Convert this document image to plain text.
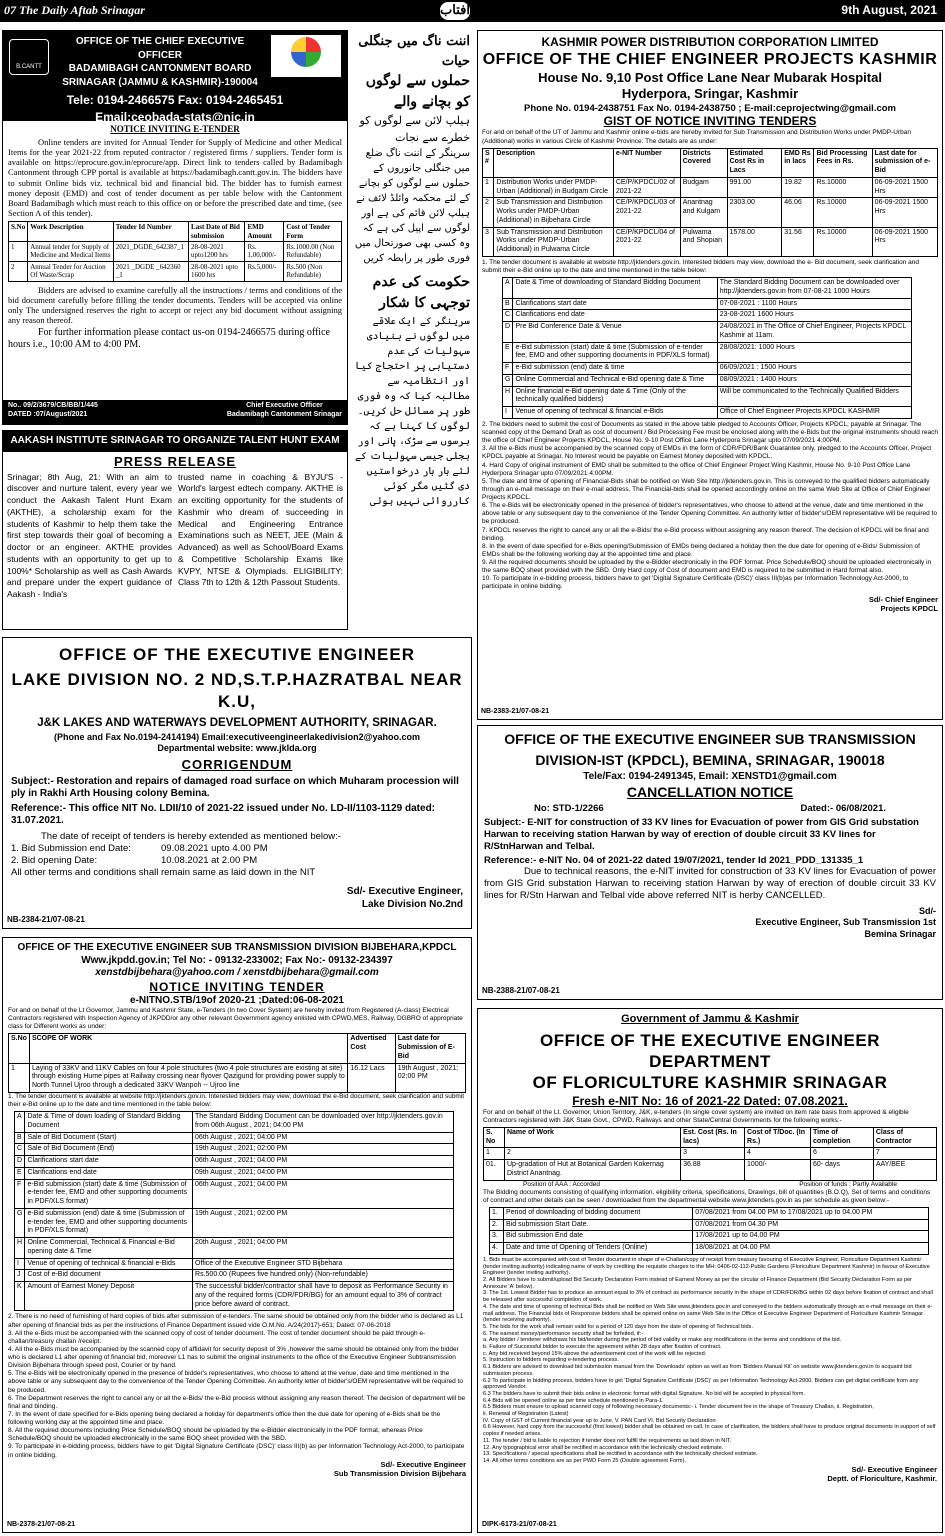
07 The Daily Aftab Srinagar	آفتاب	9th August, 2021
B.CANTT
OFFICE OF THE CHIEF EXECUTIVE OFFICER
BADAMIBAGH CANTONMENT BOARD
SRINAGAR (JAMMU & KASHMIR)-190004
Tele: 0194-2466575 Fax: 0194-2465451
Email:ceobada-stats@nic.in
NOTICE INVITING E-TENDER
Online tenders are invited for Annual Tender for Supply of Medicine and other Medical Items for the year 2021-22 from reputed contractor / registered firms / suppliers. Tender form is available on https://eprocure.gov.in/eprocure/app. Direct link to tenders called by Badamibagh Cantonment through CPP portal is available at https://badamibagh.cantt.gov.in. The bidders have to submit Online bids viz. technical bid and financial bid. The bidder has to furnish earnest money deposit (EMD) and cost of tender document as per table below with the Cantonment Board Badamibagh which must reach to this office on or before the prescribed date and time, (see Section A of this tender).
S.No	Work Description	Tender Id Number	Last Date of Bid submission	EMD Amount	Cost of Tender Form
1	Annual tender for Supply of Medicine and Medical Items	2021_DGDE_642387_1	28-08-2021 upto1200 hrs	Rs. 1,00,000/-	Rs.1000.00 (Non Refundable)
2	Annual Tender for Auction Of Waste/Scrap	2021 _DGDE _642360 _1	28-08-2021 upto 1600 hrs	Rs.5,000/-	Rs.500 (Non Refundable)
Bidders are advised to examine carefully all the instructions / terms and conditions of the bid document carefully before filling the tender documents. Tenders will be accepted via online only The undersigned reserves the right to accept or reject any bid document without assigning any reason thereof.
For further information please contact us-on 0194-2466575 during office hours i.e., 10:00 AM to 4:00 PM.
No.. 09/2/3679/CB/BB/1/445
DATED :07/August/2021
Chief Executive Officer
Badamibagh Cantonment Srinagar
AAKASH INSTITUTE SRINAGAR TO ORGANIZE TALENT HUNT EXAM
PRESS RELEASE
Srinagar; 8th Aug, 21: With an aim to discover and nurture talent, every year we conduct the Aakash Talent Hunt Exam (AKTHE), a scholarship exam for the students of Kashmir to help them take the first step towards their goal of becoming a doctor or an engineer. AKTHE provides students with an opportunity to get up to 100%* Scholarship as well as Cash Awards and prepare under the expert guidance of Aakash - India's
trusted name in coaching & BYJU'S - World's largest edtech company. AKTHE is an exciting opportunity for the students of Kashmir who dream of succeeding in Medical and Engineering Entrance Examinations such as NEET, JEE (Main & Advanced) as well as School/Board Exams & Competitive Scholarship Exams like KVPY, NTSE & Olympiads. ELIGIBILITY: Class 7th to 12th & 12th Passout Students.
اننت ناگ میں جنگلی حیات
حملوں سے لوگوں کو بچانے والے
ہیلپ لائن سے لوگوں کو خطرے سے نجات
سرینگر کے اننت ناگ ضلع میں جنگلی جانوروں کے حملوں سے لوگوں کو بچانے کے لئے محکمہ وائلڈ لائف نے ہیلپ لائن قائم کی ہے اور لوگوں سے اپیل کی ہے کہ وہ کسی بھی صورتحال میں فوری طور پر رابطہ کریں
حکومت کی عدم توجہی کا شکار
سرینگر کے ایک علاقے میں لوگوں نے بنیادی سہولیات کی عدم دستیابی پر احتجاج کیا اور انتظامیہ سے مطالبہ کیا کہ وہ فوری طور پر مسائل حل کریں۔ لوگوں کا کہنا ہے کہ برسوں سے سڑک، پانی اور بجلی جیسی سہولیات کے لئے بار بار درخواستیں دی گئیں مگر کوئی کارروائی نہیں ہوئی
KASHMIR POWER DISTRIBUTION CORPORATION LIMITED
OFFICE OF THE CHIEF ENGINEER PROJECTS KASHMIR
House No. 9,10 Post Office Lane Near Mubarak Hospital
Hyderpora, Sringar, Kashmir
Phone No. 0194-2438751 Fax No. 0194-2438750 ; E-mail:ceprojectwing@gmail.com
GIST OF NOTICE INVITING TENDERS
For and on behalf of the UT of Jammu and Kashmir online e-bids are hereby invited for Sub Transmission and Distribution Works under PMDP-Urban (Additional) works in various Circle of Kashmir Province. The details are as under:
S #	Description	e-NIT Number	Districts Covered	Estimated Cost Rs in Lacs	EMD Rs in lacs	Bid Processing Fees in Rs.	Last date for submission of e-Bid
1	Distribution Works under PMDP-Urban (Additional) in Budgam Circle	CE/P/KPDCL/02 of 2021-22	Budgam	991.00	19.82	Rs.10000	06-09-2021 1500 Hrs
2	Sub Transmission and Distribution Works under PMDP-Urban (Additional) in Bijbehara Circle	CE/P/KPDCL/03 of 2021-22	Anantnag and Kulgam	2303.00	46.06	Rs.10000	06-09-2021 1500 Hrs
3	Sub Transmission and Distribution Works under PMDP-Urban (Additional) in Pulwama Circle	CE/P/KPDCL/04 of 2021-22	Pulwama and Shopian	1578.00	31.56	Rs.10000	06-09-2021 1500 Hrs
1. The tender document is available at website http://jktenders.gov.in. Interested bidders may view, download the e- Bid document, seek clarification and submit their e-Bid online up to the date and time mentioned in the table below:
A	Date & Time of downloading of Standard Bidding Document	The Standard Bidding Document can be downloaded over http://jktenders.gov.in from 07-08-21 1000 Hours
B	Clarifications start date	07-08-2021 : 1100 Hours
C	Clarifications end date	23-08-2021 1600 Hours
D	Pre Bid Conference Date & Venue	24/08/2021 in The Office of Chief Engineer, Projects KPDCL Kashmir at 11am.
E	e-Bid submission (start) date & time (Submission of e-tender fee, EMD and other supporting documents in PDF/XLS format)	28/08/2021: 1000 Hours
F	e-Bid submission (end) date & time	06/09/2021 : 1500 Hours
G	Online Commercial and Technical e-Bid opening date & Time	08/09/2021 : 1400 Hours
H	Online financial e-Bid opening date & Time (Only of the technically qualified bidders)	Will be communicated to the Technically Qualified Bidders
I	Venue of opening of technical & financial e-Bids	Office of Chief Engineer Projects KPDCL KASHMIR
2. The bidders need to submit the cost of Documents as stated in the above table pledged to Accounts Officer, Projects KPDCL, payable at Srinagar. The scanned copy of the Demand Draft as cost of document / Bid Processing Fee must be enclosed along with the e-Bids but the original instruments should reach the office of Chief Engineer Projects KPDCL, House No. 9-10 Post Office Lane Hyderpora Srinagar upto 07/09/2021 4:00PM.
3. All the e-Bids must be accompanied by the scanned copy of EMDs in the form of CDR/FDR/Bank Guarantee only, pledged to the Accounts Officer, Project KPDCL payable at Srinagar. No Interest would be payable on Earnest Money deposited with KPDCL.
4. Hard Copy of original instrument of EMD shall be submitted to the office of Chief Engineer Project Wing Kashmir, House No. 9-10 Post Office Lane Hyderpora Srinagar upto 07/09/2021 4:00PM.
5. The date and time of opening of Financial-Bids shall be notified on Web Site http://jktenders.gov.in. This is conveyed to the qualified bidders automatically through an e-mail message on their e-mail address. The Financial-bids shall be opened accordingly online on the same Web Site at Office of Chief Engineer Projects KPDCL.
6. The e-Bids will be electronically opened in the presence of bidder's representatives, who choose to attend at the venue, date and time mentioned in the above table or any subsequent day to the convenience of the Tender Opening Committee. An authority letter of bidder's/OEM representative will be required to be produced.
7. KPDCL reserves the right to cancel any or all the e-Bids/ the e-Bid process without assigning any reason thereof. The decision of KPDCL will be final and binding.
8. In the event of date specified for e-Bids opening/Submission of EMDs being declared a holiday then the due date for opening of e-Bids/ Submission of EMDs shall be the following working day at the appointed time and place.
9. All the required documents should be uploaded by the e-Bidder electronically in the PDF format. Price Schedule/BOQ should be uploaded electronically in the same BOQ sheet provided with the SBD. Only Hard copy of Cost of document and EMD is required to be submitted in Hard format also.
10. To participate in e-bidding process, bidders have to get 'Digital Signature Certificate (DSC)' class III(b)as per Information Technology Act-2000, to participate in online bidding.
Sd/- Chief Engineer
Projects KPDCL
NB-2383-21/07-08-21
OFFICE OF THE EXECUTIVE ENGINEER
LAKE DIVISION NO. 2 ND,S.T.P.HAZRATBAL NEAR K.U,
J&K LAKES AND WATERWAYS DEVELOPMENT AUTHORITY, SRINAGAR.
(Phone and Fax No.0194-2414194) Email:executiveengineerlakedivision2@yahoo.com
Departmental website: www.jklda.org
CORRIGENDUM
Subject:- Restoration and repairs of damaged road surface on which Muharam procession will ply in Rakhi Arth Housing colony Bemina.
Reference:- This office NIT No. LDII/10 of 2021-22 issued under No. LD-II/1103-1129 dated: 31.07.2021.
The date of receipt of tenders is hereby extended as mentioned below:-
1. Bid Submission end Date:	09.08.2021 upto 4.00 PM
2. Bid opening Date:	10.08.2021 at 2.00 PM
All other terms and conditions shall remain same as laid down in the NIT
Sd/- Executive Engineer,
Lake Division No.2nd
NB-2384-21/07-08-21
OFFICE OF THE EXECUTIVE ENGINEER SUB TRANSMISSION
DIVISION-IST (KPDCL), BEMINA, SRINAGAR, 190018
Tele/Fax: 0194-2491345, Email: XENSTD1@gmail.com
CANCELLATION NOTICE
No: STD-1/2266	Dated:- 06/08/2021.
Subject:- E-NIT for construction of 33 KV lines for Evacuation of power from GIS Grid substation Harwan to receiving station Harwan by way of erection of double circuit 33 KV lines for R/StnHarwan and Telbal.
Reference:- e-NIT No. 04 of 2021-22 dated 19/07/2021, tender Id 2021_PDD_131335_1
Due to technical reasons, the e-NIT invited for construction of 33 KV lines for Evacuation of power from GIS Grid substation Harwan to receiving station Harwan by way of erection of double circuit 33 KV lines for R/Stn Harwan and Telbal vide above referred NIT is herby CANCELLED.
Sd/-
Executive Engineer, Sub Transmission 1st
Bemina Srinagar
NB-2388-21/07-08-21
OFFICE OF THE EXECUTIVE ENGINEER SUB TRANSMISSION DIVISION BIJBEHARA,KPDCL
Www.jkpdd.gov.in; Tel No: - 09132-233002; Fax No:- 09132-234397
xenstdbijbehara@yahoo.com / xenstdbijbehara@gmail.com
NOTICE INVITING TENDER
e-NITNO.STB/19of 2020-21 ;Dated:06-08-2021
For and on behalf of the Lt Governor, Jammu and Kashmir State, e-Tenders (In two Cover System) are hereby invited from Registered (A-class) Electrical Contractors registered with Inspection Agency of JKPDD/or any other relevant Government agency enlisted with CPWD,MES, Railway, DGBRO of appropriate class for Different works as under:
S.No	SCOPE OF WORK	Advertised Cost	Last date for Submission of E-Bid
1	Laying of 33KV and 11KV Cables on four 4 pole structures (two 4 pole structures are existing at site) through existing Hume pipes at Railway crossing near flyover Qazigund for providing power supply to North Tunnel Ujroo through a dedicated 33KV Wanpoh -- Ujroo line	16.12 Lacs	19th August , 2021; 02:00 PM
1. The tender document is available at website http://jktenders.gov.in. Interested bidders may view, download the e-Bid document, seek clarification and submit their e-Bid online up to the date and time mentioned in the table below:
A	Date & Time of down loading of Standard Bidding Document	The Standard Bidding Document can be downloaded over http://jktenders.gov.in from 06th August , 2021; 04:00 PM
B	Sale of Bid Document (Start)	06th August , 2021; 04:00 PM
C	Sale of Bid Document (End)	19th August , 2021; 02:00 PM
D	Clarifications start date	06th August , 2021; 04:00 PM
E	Clarifications end date	09th August , 2021; 04:00 PM
F	e-Bid submission (start) date & time (Submission of e-tender fee, EMD and other supporting documents in PDF/XLS format)	06th August , 2021; 04:00 PM
G	e-Bid submission (end) date & time (Submission of e-tender fee, EMD and other supporting documents in PDF/XLS format)	19th August , 2021; 02:00 PM
H	Online Commercial, Technical & Financial e-Bid opening date & Time	20th August , 2021; 04:00 PM
I	Venue of opening of technical & financial e-Bids	Office of the Executive Engineer STD Bijbehara
J	Cost of e-Bid document	Rs.500.00 (Rupees five hundred only) (Non-refundable)
K	Amount of Earnest Money Deposit	The successful bidder/contractor shall have to deposit as Performance Security in any of the required forms (CDR/FDR/BG) for an amount equal to 3% of contract price before award of contract.
2. There is no need of furnishing of hard copies of bids after submission of e-tenders. The same should be obtained only from the bidder who is declared as L1 after opening of financial bids as per the instructions of Finance Department issued vide O.M.No. A/24(2017)-651; Dated: 07-06-2018
3. All the e-Bids must be accompanied with the scanned copy of cost of tender document. The cost of tender document should be paid through e-challan/treasury challan /receipt.
4. All the e-Bids must be accompanied by the scanned copy of affidavit for security deposit of 3% ,however the same should be obtained only from the bidder who is declared L1 after opening of financial bid, moreover L1 has to submit the original instruments to the office of the Executive Engineer Subtransmission Division Bijbehara through speed post, Courier or by hand.
5. The e-Bids will be electronically opened in the presence of bidder's representatives, who choose to attend at the venue, date and time mentioned in the above table or any subsequent day to the convenience of the Tender Opening Committee. An authority letter of bidder's/OEM representative will be required to be produced.
6. The Department reserves the right to cancel any or all the e-Bids/ the e-Bid process without assigning any reason thereof. The decision of department will be final and binding.
7. In the event of date specified for e-Bids opening being declared a holiday for department's office then the due date for opening of e-Bids shall be the following working day at the appointed time and place.
8. All the required documents including Price Schedule/BOQ should be uploaded by the e-Bidder electronically in the PDF format, whereas Price Schedule/BOQ should be uploaded electronically in the same BOQ sheet provided with the SBD.
9. To participate in e-bidding process, bidders have to get 'Digital Signature Certificate (DSC)' class III(b) as per Information Technology Act-2000, to participate in online bidding.
Sd/- Executive Engineer
Sub Transmission Division Bijbehara
NB-2378-21/07-08-21
Government of Jammu & Kashmir
OFFICE OF THE EXECUTIVE ENGINEER DEPARTMENT
OF FLORICULTURE KASHMIR SRINAGAR
Fresh e-NIT No: 16 of 2021-22 Dated: 07.08.2021.
For and on behalf of the Lt. Governor, Union Territory, J&K, e-tenders (In single cover system) are invited on item rate basis from approved & eligible Contractors registered with J&K State Govt., CPWD, Railways and other State/Central Governments for the following works:-
S. No	Name of Work	Est. Cost (Rs. In lacs)	Cost of T/Doc. (In Rs.)	Time of completion	Class of Contractor
1	2	3	4	6	7
01.	Up-gradation of Hut at Botanical Garden Kokernag District Anantnag.	36.88	1000/-	60- days	AAY/BEE
Position of AAA : Accorded	Position of funds : Partly Available
The Bidding documents consisting of qualifying information, eligibility criteria, specifications, Drawings, bill of quantities (B.O.Q), Set of terms and conditions of contract and other details can be seen / downloaded from the departmental website www.jktenders.gov.in as per schedule as given below:-
1.	Period of downloading of bidding document	07/08/2021 from 04.00 PM to 17/08/2021 up to 04.00 PM
2.	Bid submission Start Date.	07/08/2021 from 04.30 PM
3.	Bid submission End date	17/08/2021 up to 04.00 PM
4.	Date and time of Opening of Tenders (Online)	18/08/2021 at 04.00 PM
1. Bids must be accompanied with cost of Tender document in shape of e-Challan/copy of receipt from treasury favouring of Executive Engineer, Floriculture Department Kashmir (tender inviting authority) indicating name of work by crediting the requisite charges to the MH: 0406-02-112-Public Gardens (Floriculture Department Kashmir) in favour of Executive Engineer (tender inviting authority).
2. All Bidders have to submit/upload Bid Security Declaration Form instead of Earnest Money as per the circular of Finance Department (Bid Security Declaration Form as per Annexure 'A' below).
3. The 1st. Lowest Bidder has to produce an amount equal to 3% of contract as performance security in the shape of CDR/FDR/BG within 02 days before fixation of contract and shall be released after successful completion of work.
4. The date and time of opening of technical Bids shall be notified on Web Site www.jktenders.gov.in and conveyed to the bidders automatically through an e-mail message on their e-mail address. The Financial bids of Responsive bidders shall be opened online on same Web Site in the Office of Executive Engineer Department of Floriculture Kashmir Srinagar (tender receiving authority).
5. The bids for the work shall remain valid for a period of 120 days from the date of opening of Technical bids.
6. The earnest money/performance security shall be forfeited, if:-
a. Any bidder / tenderer withdraws his bid/tender during the period of bid validity or make any modifications in the terms and conditions of the bid.
b. Failure of Successful bidder to execute the agreement within 28 days after fixation of contract.
c. Any bid received beyond 15% above the advertisement cost of the work will be rejected.
5. Instruction to bidders regarding e-tendering process.
6.1 Bidders are advised to download bid submission manual from the 'Downloads' option as well as from 'Bidders Manual Kit' on website www.jktenders.gov.in to acquaint bid submission process.
6.2 To participate in bidding process, bidders have to get 'Digital Signature Certificate (DSC)' as per Information Technology Act-2000. Bidders can get digital certificate from any approved Vendor.
6.3 The bidders have to submit their bids online in electronic format with digital Signature. No bid will be accepted in physical form.
6.4 Bids will be opened online as per time schedule mentioned in Para-1.
6.5 Bidders must ensure to upload scanned copy of following necessary documents:- i. Tender document fee in the shape of Treasury Challan, ii. Registration,
ii. Renewal of Registration (Latest)
IV. Copy of GST of Current financial year up to June, V. PAN Card VI. Bid Security Declaration
6.6 However, hard copy from the successful (first lowest) bidder shall be obtained on call. In case of clarification, the bidders shall have to produce original documents in support of self copies if needed arises.
11. The tender / bid is liable to rejection if tender does not fulfill the requirements as laid down in NIT.
12. Any typographical error shall be rectified in accordance with the technically checked estimate.
13. Specifications / special specifications shall be rectified in accordance with the technically checked estimate.
14. All other terms conditions are as per PWD Form 25 (Double agreement Form).
Sd/- Executive Engineer
Deptt. of Floriculture, Kashmir.
DIPK-6173-21/07-08-21
